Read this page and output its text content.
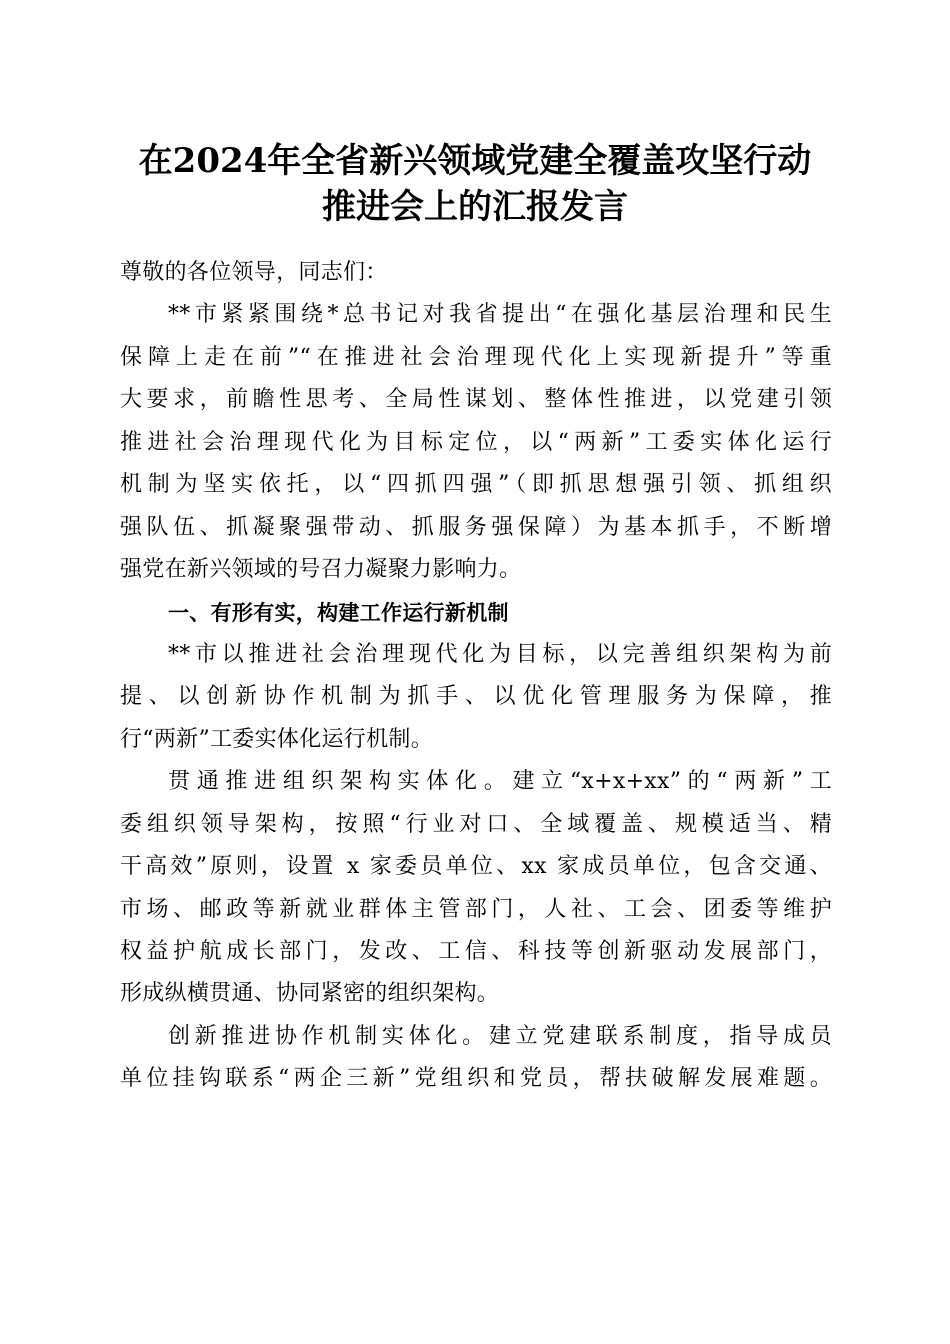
在2024年全省新兴领域党建全覆盖攻坚行动
推进会上的汇报发言
尊敬的各位领导，同志们：
**市紧紧围绕*总书记对我省提出“在强化基层治理和民生
保障上走在前”“在推进社会治理现代化上实现新提升”等重
大要求，前瞻性思考、全局性谋划、整体性推进，以党建引领
推进社会治理现代化为目标定位，以“两新”工委实体化运行
机制为坚实依托，以“四抓四强”（即抓思想强引领、抓组织
强队伍、抓凝聚强带动、抓服务强保障）为基本抓手，不断增
强党在新兴领域的号召力凝聚力影响力。
一、有形有实，构建工作运行新机制
**市以推进社会治理现代化为目标，以完善组织架构为前
提、以创新协作机制为抓手、以优化管理服务为保障，推
行“两新”工委实体化运行机制。
贯通推进组织架构实体化。建立“x+x+xx”的“两新”工
委组织领导架构，按照“行业对口、全域覆盖、规模适当、精
干高效”原则，设置 x 家委员单位、xx 家成员单位，包含交通、
市场、邮政等新就业群体主管部门，人社、工会、团委等维护
权益护航成长部门，发改、工信、科技等创新驱动发展部门，
形成纵横贯通、协同紧密的组织架构。
创新推进协作机制实体化。建立党建联系制度，指导成员
单位挂钩联系“两企三新”党组织和党员，帮扶破解发展难题。
